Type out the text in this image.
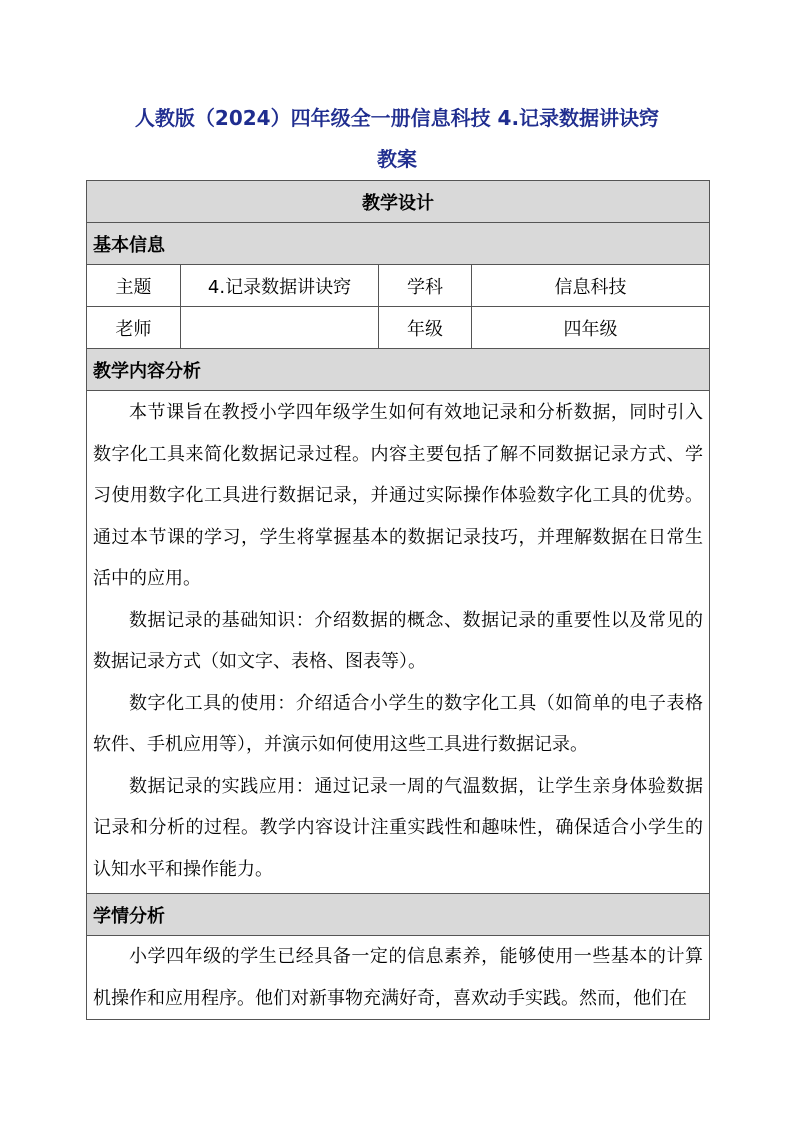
人教版（2024）四年级全一册信息科技 4.记录数据讲诀窍
教案
教学设计			
基本信息			
主题	4.记录数据讲诀窍	学科	信息科技
老师		年级	四年级
教学内容分析			

本节课旨在教授小学四年级学生如何有效地记录和分析数据，同时引入数字化工具来简化数据记录过程。内容主要包括了解不同数据记录方式、学习使用数字化工具进行数据记录，并通过实际操作体验数字化工具的优势。通过本节课的学习，学生将掌握基本的数据记录技巧，并理解数据在日常生活中的应用。

数据记录的基础知识：介绍数据的概念、数据记录的重要性以及常见的数据记录方式（如文字、表格、图表等）。

数字化工具的使用：介绍适合小学生的数字化工具（如简单的电子表格软件、手机应用等），并演示如何使用这些工具进行数据记录。

数据记录的实践应用：通过记录一周的气温数据，让学生亲身体验数据记录和分析的过程。教学内容设计注重实践性和趣味性，确保适合小学生的认知水平和操作能力。			

学情分析			

小学四年级的学生已经具备一定的信息素养，能够使用一些基本的计算机操作和应用程序。他们对新事物充满好奇，喜欢动手实践。然而，他们在			
